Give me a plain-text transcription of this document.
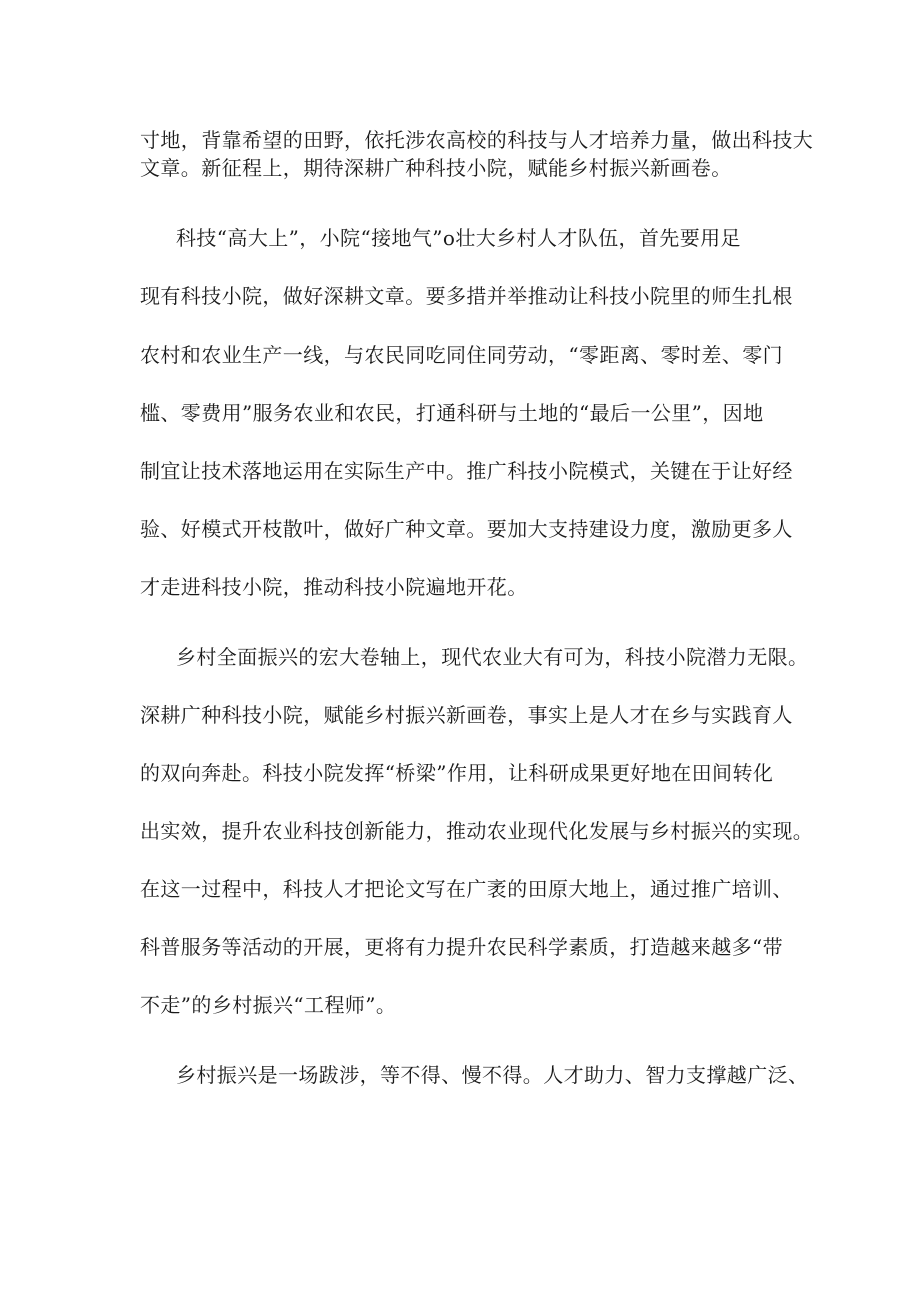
寸地，背靠希望的田野，依托涉农高校的科技与人才培养力量，做出科技大
文章。新征程上，期待深耕广种科技小院，赋能乡村振兴新画卷。
科技“高大上”，小院“接地气”o壮大乡村人才队伍，首先要用足
现有科技小院，做好深耕文章。要多措并举推动让科技小院里的师生扎根
农村和农业生产一线，与农民同吃同住同劳动，“零距离、零时差、零门
槛、零费用”服务农业和农民，打通科研与土地的“最后一公里”，因地
制宜让技术落地运用在实际生产中。推广科技小院模式，关键在于让好经
验、好模式开枝散叶，做好广种文章。要加大支持建设力度，激励更多人
才走进科技小院，推动科技小院遍地开花。
乡村全面振兴的宏大卷轴上，现代农业大有可为，科技小院潜力无限。
深耕广种科技小院，赋能乡村振兴新画卷，事实上是人才在乡与实践育人
的双向奔赴。科技小院发挥“桥梁”作用，让科研成果更好地在田间转化
出实效，提升农业科技创新能力，推动农业现代化发展与乡村振兴的实现。
在这一过程中，科技人才把论文写在广袤的田原大地上，通过推广培训、
科普服务等活动的开展，更将有力提升农民科学素质，打造越来越多“带
不走”的乡村振兴“工程师”。
乡村振兴是一场跋涉，等不得、慢不得。人才助力、智力支撑越广泛、
